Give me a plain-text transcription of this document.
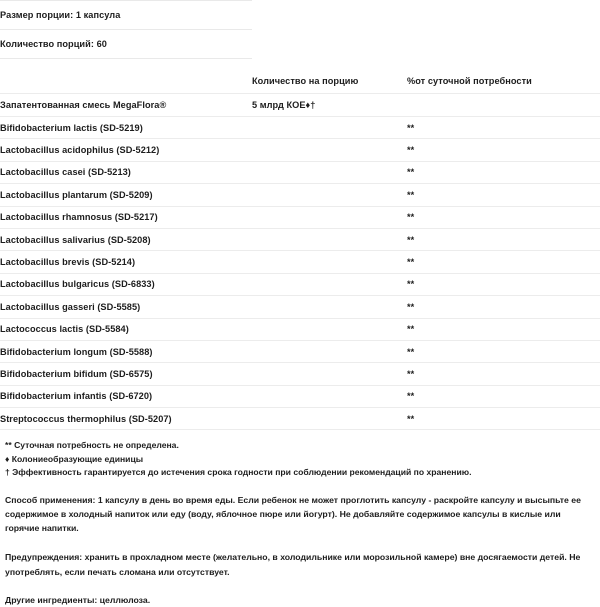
Размер порции: 1 капсула		
Количество порций: 60		

	Количество на порцию	%от суточной потребности
Запатентованная смесь MegaFlora®	5 млрд КОЕ♦†	
Bifidobacterium lactis (SD-5219)		**
Lactobacillus acidophilus (SD-5212)		**
Lactobacillus casei (SD-5213)		**
Lactobacillus plantarum (SD-5209)		**
Lactobacillus rhamnosus (SD-5217)		**
Lactobacillus salivarius (SD-5208)		**
Lactobacillus brevis (SD-5214)		**
Lactobacillus bulgaricus (SD-6833)		**
Lactobacillus gasseri (SD-5585)		**
Lactococcus lactis (SD-5584)		**
Bifidobacterium longum (SD-5588)		**
Bifidobacterium bifidum (SD-6575)		**
Bifidobacterium infantis (SD-6720)		**
Streptococcus thermophilus (SD-5207)		**
** Суточная потребность не определена.
♦ Колониеобразующие единицы
† Эффективность гарантируется до истечения срока годности при соблюдении рекомендаций по хранению.
Способ применения: 1 капсулу в день во время еды. Если ребенок не может проглотить капсулу - раскройте капсулу и высыпьте ее содержимое в холодный напиток или еду (воду, яблочное пюре или йогурт). Не добавляйте содержимое капсулы в кислые или горячие напитки.
Предупреждения: хранить в прохладном месте (желательно, в холодильнике или морозильной камере) вне досягаемости детей. Не употреблять, если печать сломана или отсутствует.
Другие ингредиенты: целлюлоза.
